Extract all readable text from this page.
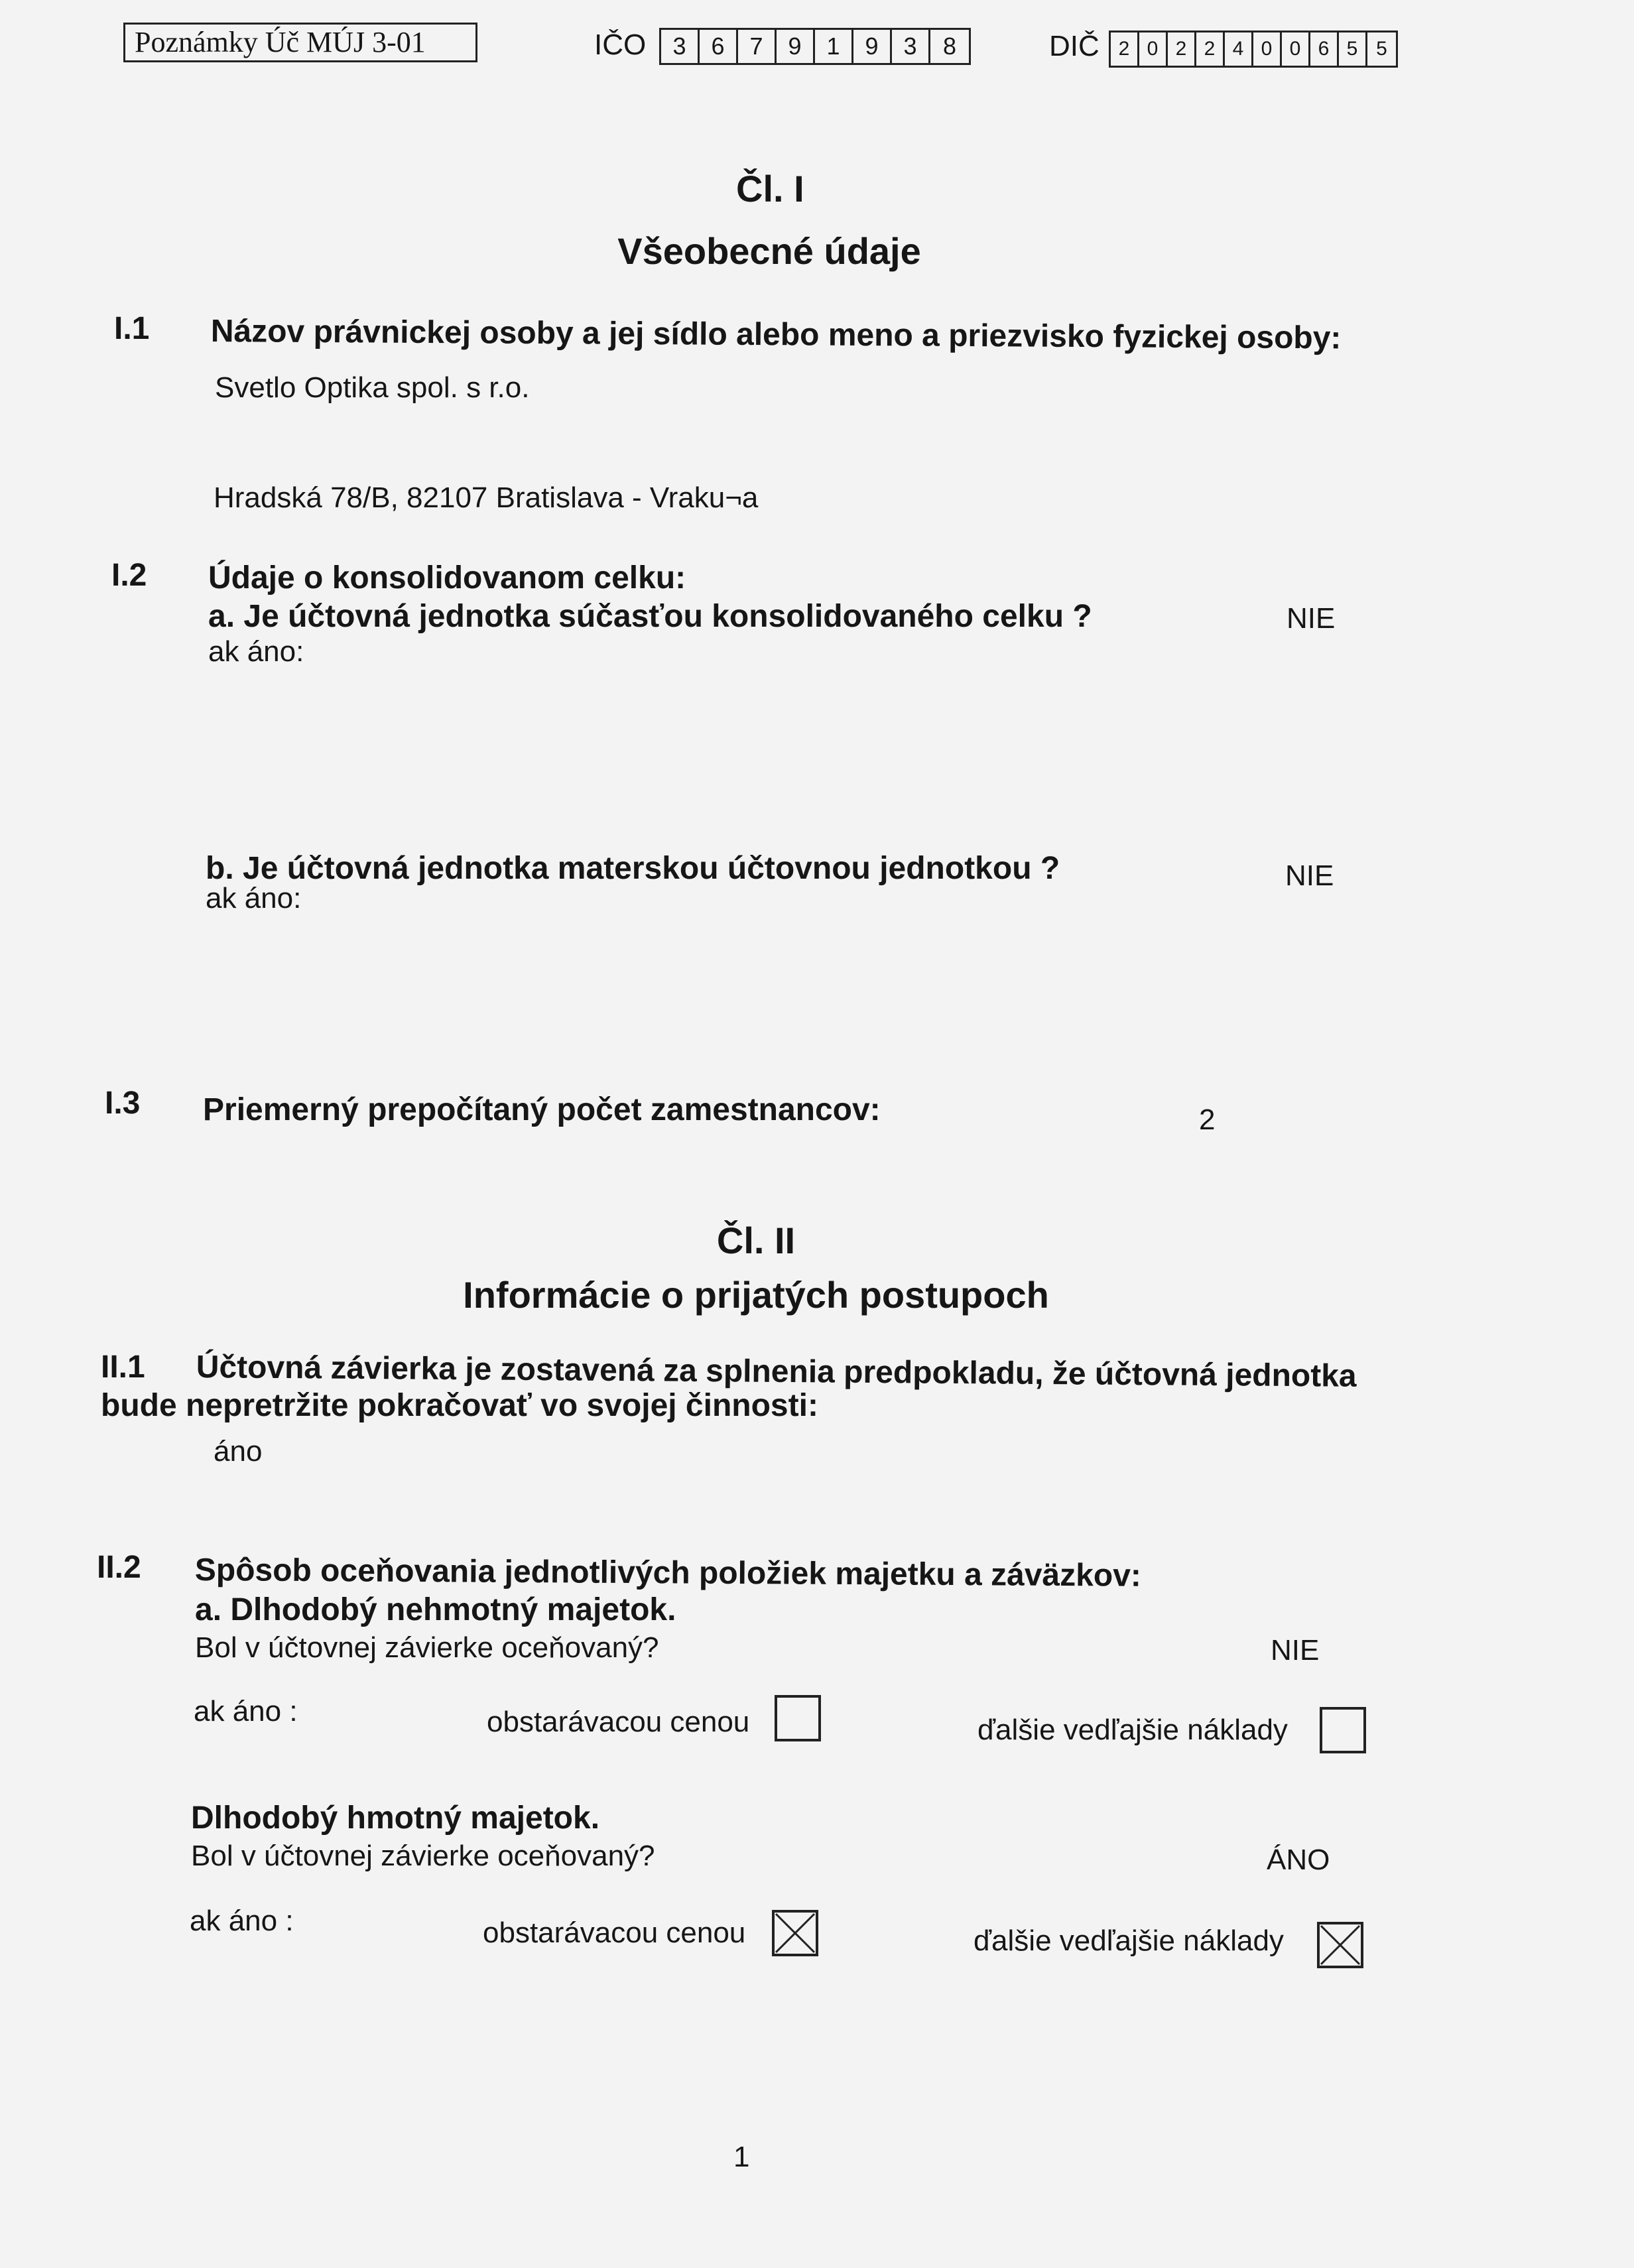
Poznámky Úč MÚJ 3-01	IČO	3	6	7	9	1	9	3	8	DIČ 2 0 2 2 4 0 0 6 5 5
Čl. I
Všeobecné údaje
I.1 Názov právnickej osoby a jej sídlo alebo meno a priezvisko fyzickej osoby:
Svetlo Optika spol. s r.o.
Hradská 78/B, 82107 Bratislava - Vraku¬a
I.2 Údaje o konsolidovanom celku:
a. Je účtovná jednotka súčasťou konsolidovaného celku ?	NIE
ak áno:
b. Je účtovná jednotka materskou účtovnou jednotkou ?	NIE
ak áno:
I.3 Priemerný prepočítaný počet zamestnancov:	2
Čl. II
Informácie o prijatých postupoch
II.1 Účtovná závierka je zostavená za splnenia predpokladu, že účtovná jednotka
bude nepretržite pokračovať vo svojej činnosti:
áno
II.2 Spôsob oceňovania jednotlivých položiek majetku a záväzkov:
a. Dlhodobý nehmotný majetok.
Bol v účtovnej závierke oceňovaný?	NIE
ak áno :	obstarávacou cenou	ďalšie vedľajšie náklady
Dlhodobý hmotný majetok.
Bol v účtovnej závierke oceňovaný?	ÁNO
ak áno :	obstarávacou cenou	ďalšie vedľajšie náklady
1
